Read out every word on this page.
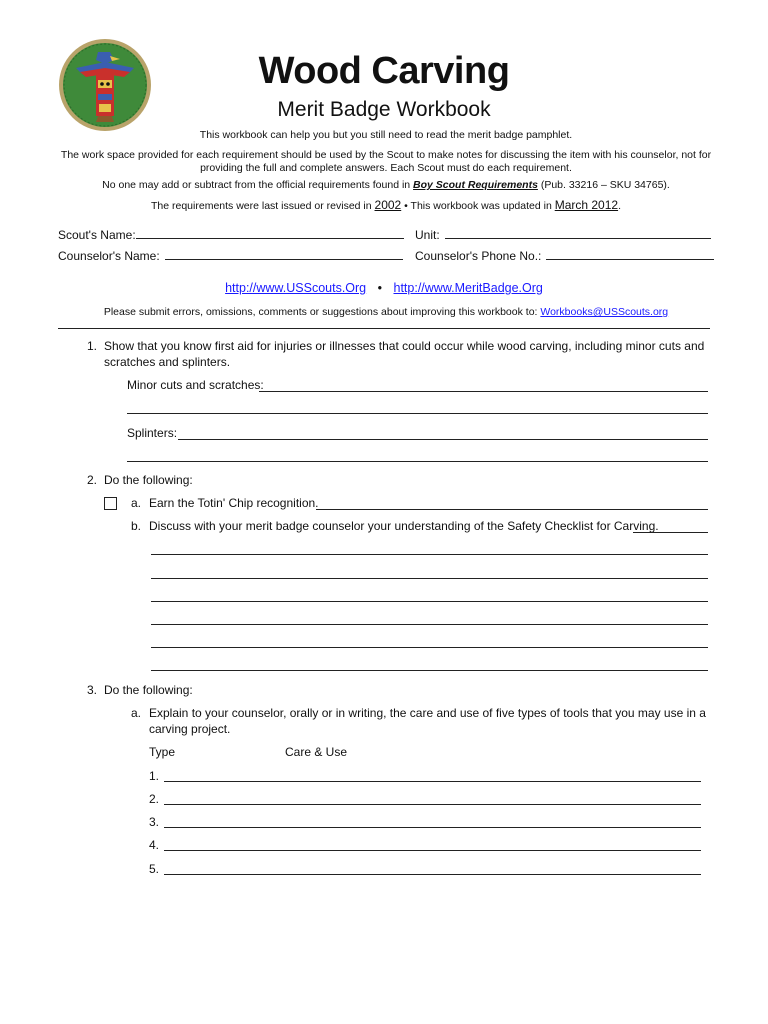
Wood Carving
Merit Badge Workbook
This workbook can help you but you still need to read the merit badge pamphlet.
The work space provided for each requirement should be used by the Scout to make notes for discussing the item with his counselor, not for
providing the full and complete answers. Each Scout must do each requirement.
No one may add or subtract from the official requirements found in Boy Scout Requirements (Pub. 33216 – SKU 34765).
The requirements were last issued or revised in 2002 • This workbook was updated in March 2012.
Scout's Name:	Unit:
Counselor's Name:	Counselor's Phone No.:
http://www.USScouts.Org • http://www.MeritBadge.Org
Please submit errors, omissions, comments or suggestions about improving this workbook to: Workbooks@USScouts.org
1. Show that you know first aid for injuries or illnesses that could occur while wood carving, including minor cuts and
scratches and splinters.
Minor cuts and scratches:
Splinters:
2. Do the following:
a. Earn the Totin' Chip recognition.
b. Discuss with your merit badge counselor your understanding of the Safety Checklist for Carving.
3. Do the following:
a. Explain to your counselor, orally or in writing, the care and use of five types of tools that you may use in a
carving project.
Type	Care & Use
1.
2.
3.
4.
5.
